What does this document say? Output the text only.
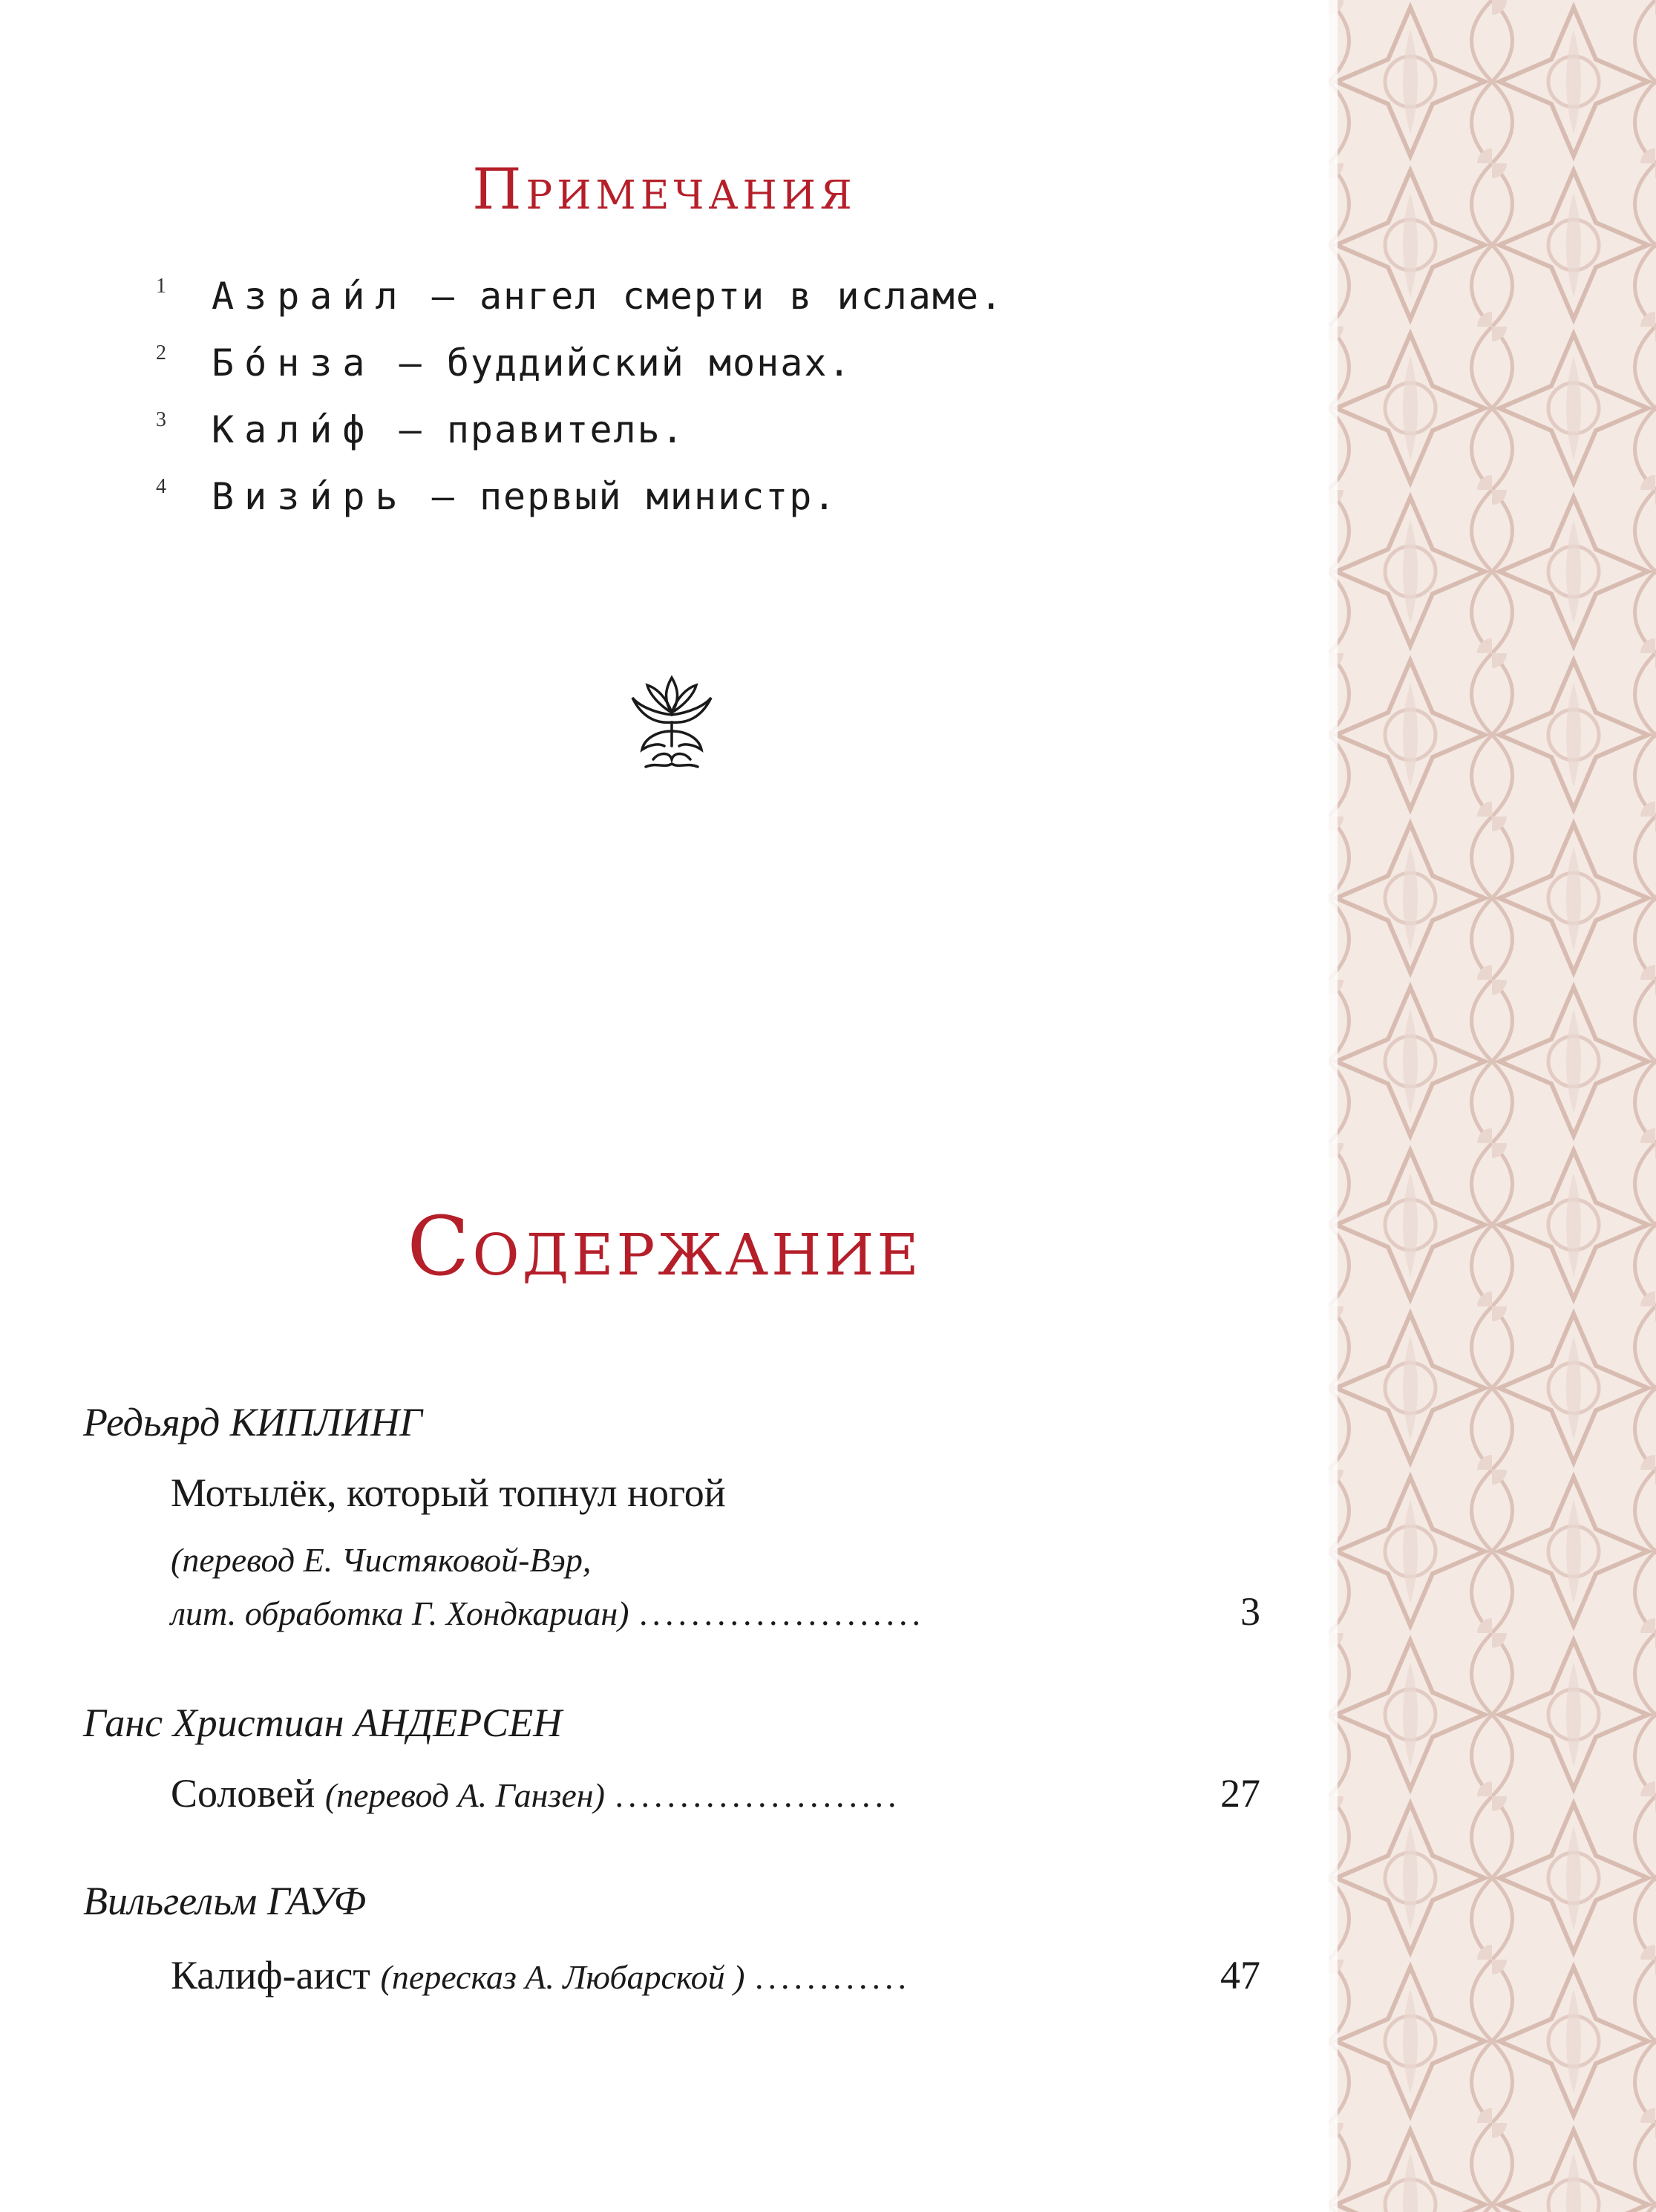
Примечания
1 Азраи́л – ангел смерти в исламе.
2 Бо́нза – буддийский монах.
3 Кали́ф – правитель.
4 Визи́рь – первый министр.
Содержание
Редьярд КИПЛИНГ
Мотылёк, который топнул ногой
(перевод Е. Чистяковой-Вэр,
лит. обработка Г. Хондкариан) ......................	3
Ганс Христиан АНДЕРСЕН
Соловей (перевод А. Ганзен) ......................	27
Вильгельм ГАУФ
Калиф-аист (пересказ А. Любарской ) ............	47
